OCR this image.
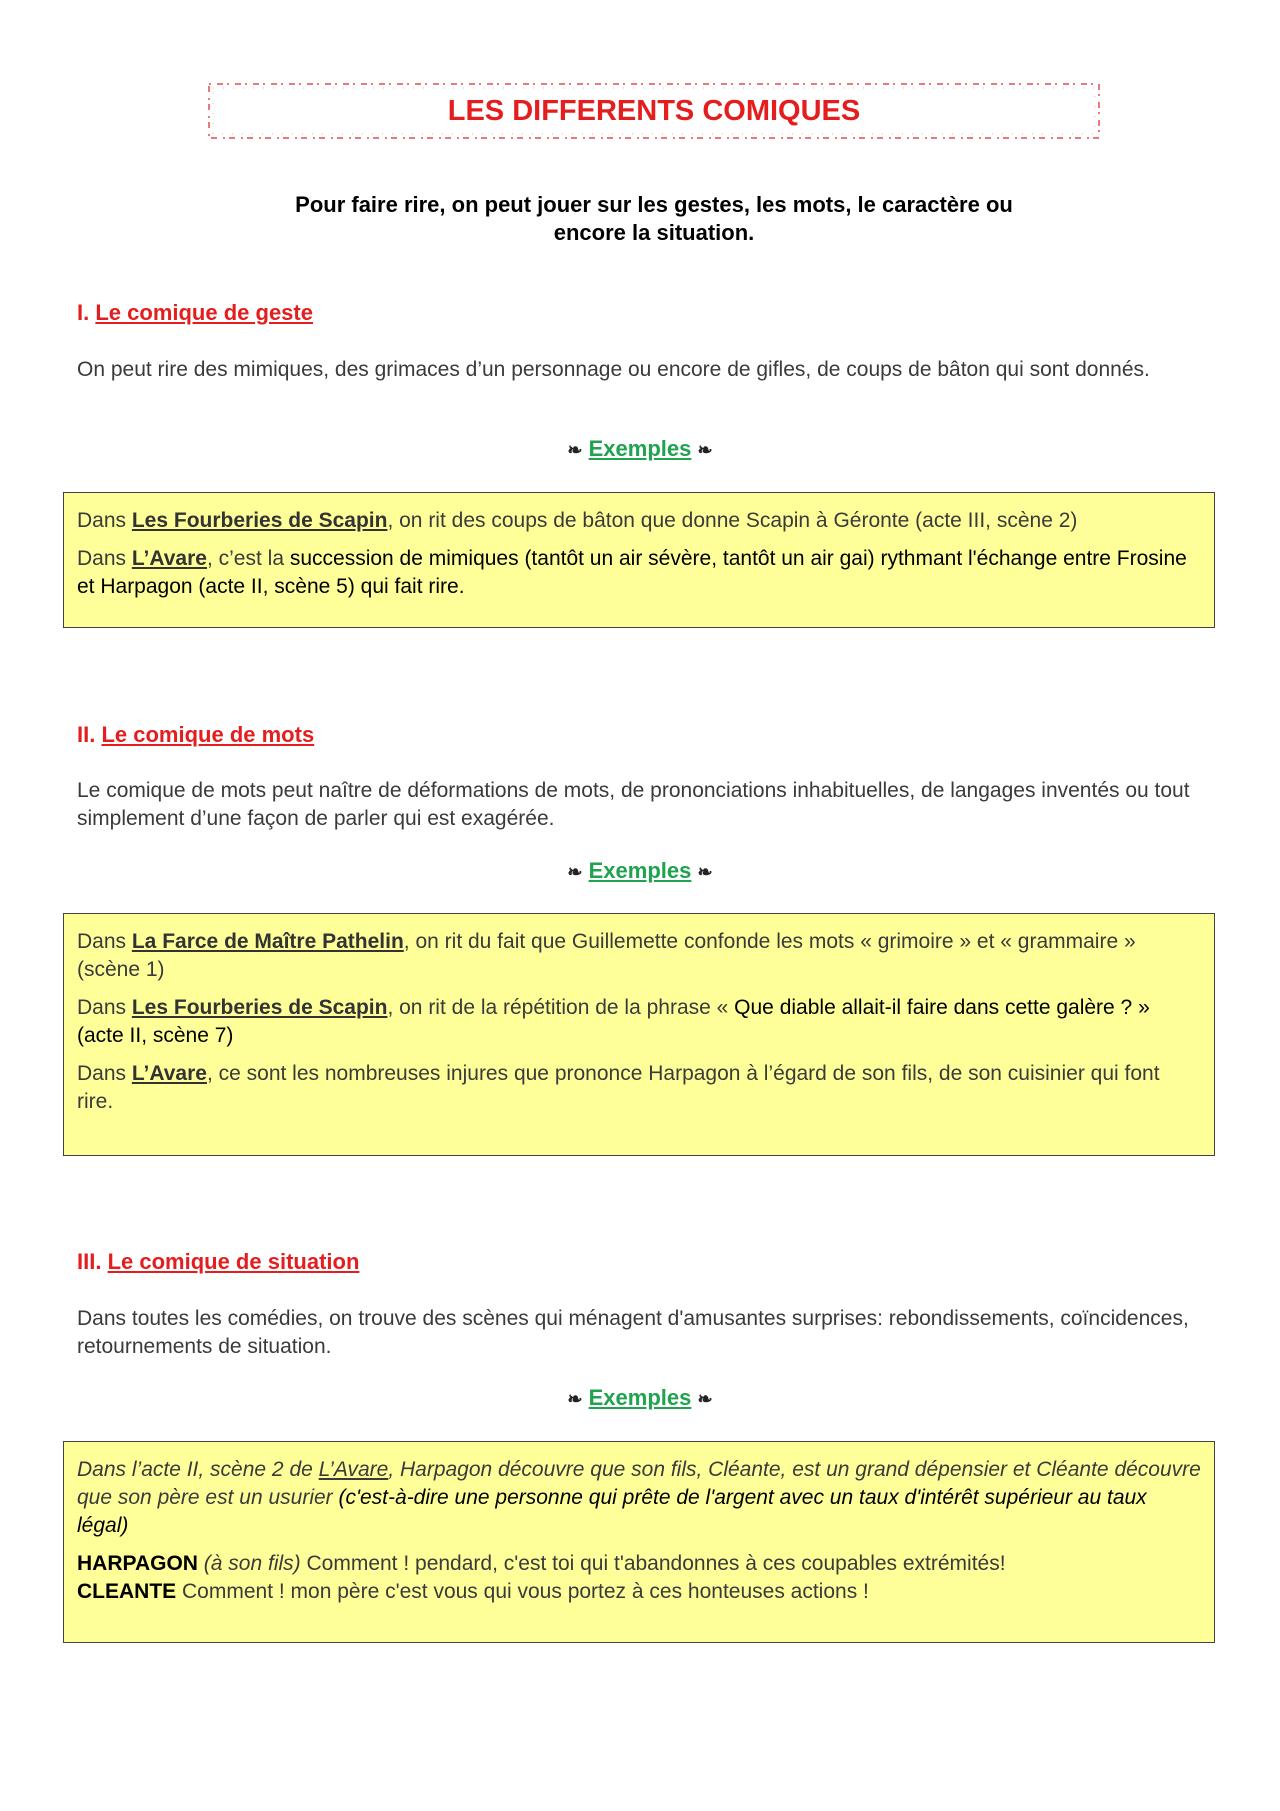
LES DIFFERENTS COMIQUES
Pour faire rire, on peut jouer sur les gestes, les mots, le caractère ou
encore la situation.
I. Le comique de geste
On peut rire des mimiques, des grimaces d’un personnage ou encore de gifles, de coups de bâton qui sont donnés.
❧ Exemples ❧

Dans Les Fourberies de Scapin, on rit des coups de bâton que donne Scapin à Géronte (acte III, scène 2)

Dans L’Avare, c’est la succession de mimiques (tantôt un air sévère, tantôt un air gai) rythmant l'échange entre Frosine et Harpagon (acte II, scène 5) qui fait rire.

II. Le comique de mots
Le comique de mots peut naître de déformations de mots, de prononciations inhabituelles, de langages inventés ou tout simplement d’une façon de parler qui est exagérée.
❧ Exemples ❧

Dans La Farce de Maître Pathelin, on rit du fait que Guillemette confonde les mots « grimoire » et « grammaire » (scène 1)

Dans Les Fourberies de Scapin, on rit de la répétition de la phrase « Que diable allait-il faire dans cette galère ? » (acte II, scène 7)

Dans L’Avare, ce sont les nombreuses injures que prononce Harpagon à l’égard de son fils, de son cuisinier qui font rire.

III. Le comique de situation
Dans toutes les comédies, on trouve des scènes qui ménagent d'amusantes surprises: rebondissements, coïncidences, retournements de situation.
❧ Exemples ❧

Dans l’acte II, scène 2 de L’Avare, Harpagon découvre que son fils, Cléante, est un grand dépensier et Cléante découvre que son père est un usurier (c'est-à-dire une personne qui prête de l'argent avec un taux d'intérêt supérieur au taux légal)

HARPAGON (à son fils) Comment ! pendard, c'est toi qui t'abandonnes à ces coupables extrémités!
CLEANTE Comment ! mon père c'est vous qui vous portez à ces honteuses actions !
